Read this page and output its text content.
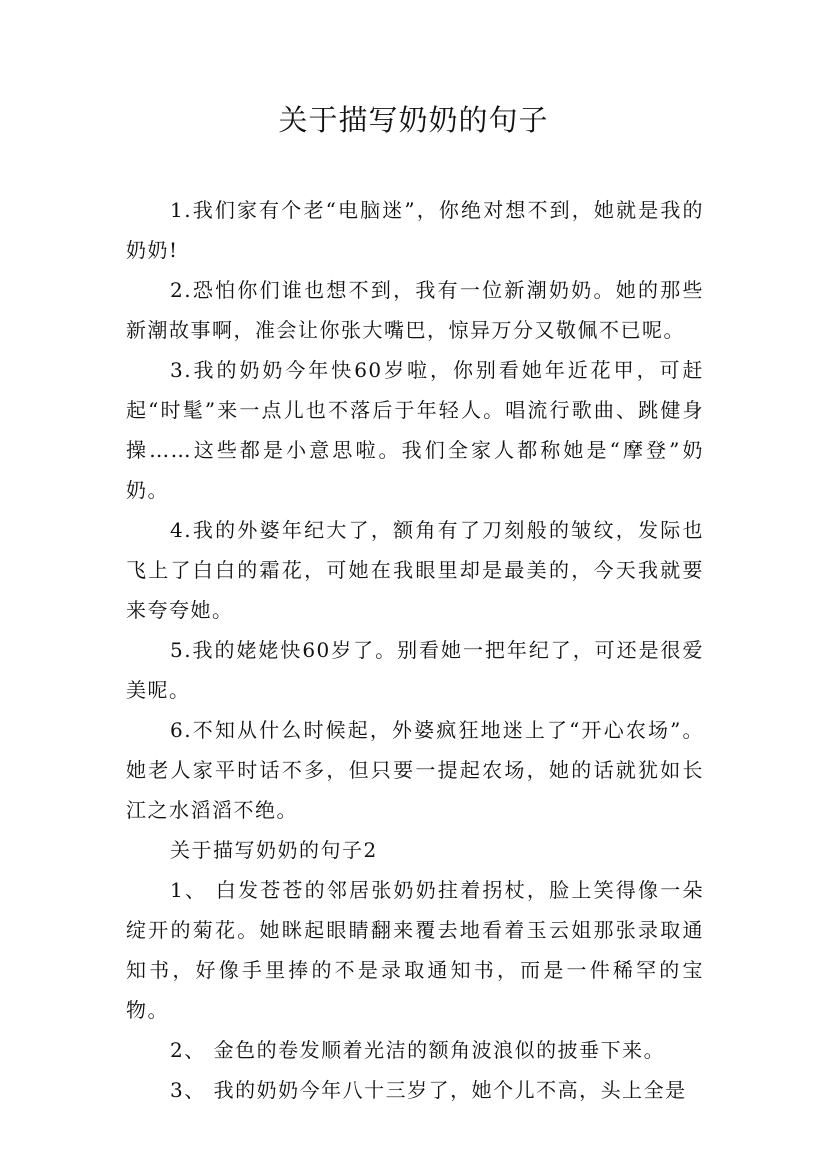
关于描写奶奶的句子

1.我们家有个老“电脑迷”，你绝对想不到，她就是我的奶奶!

2.恐怕你们谁也想不到，我有一位新潮奶奶。她的那些新潮故事啊，准会让你张大嘴巴，惊异万分又敬佩不已呢。

3.我的奶奶今年快60岁啦，你别看她年近花甲，可赶起“时髦”来一点儿也不落后于年轻人。唱流行歌曲、跳健身操……这些都是小意思啦。我们全家人都称她是“摩登”奶奶。

4.我的外婆年纪大了，额角有了刀刻般的皱纹，发际也飞上了白白的霜花，可她在我眼里却是最美的，今天我就要来夸夸她。

5.我的姥姥快60岁了。别看她一把年纪了，可还是很爱美呢。

6.不知从什么时候起，外婆疯狂地迷上了“开心农场”。她老人家平时话不多，但只要一提起农场，她的话就犹如长江之水滔滔不绝。

关于描写奶奶的句子2

1、 白发苍苍的邻居张奶奶拄着拐杖，脸上笑得像一朵绽开的菊花。她眯起眼睛翻来覆去地看着玉云姐那张录取通知书，好像手里捧的不是录取通知书，而是一件稀罕的宝物。

2、 金色的卷发顺着光洁的额角波浪似的披垂下来。

3、 我的奶奶今年八十三岁了，她个儿不高，头上全是
